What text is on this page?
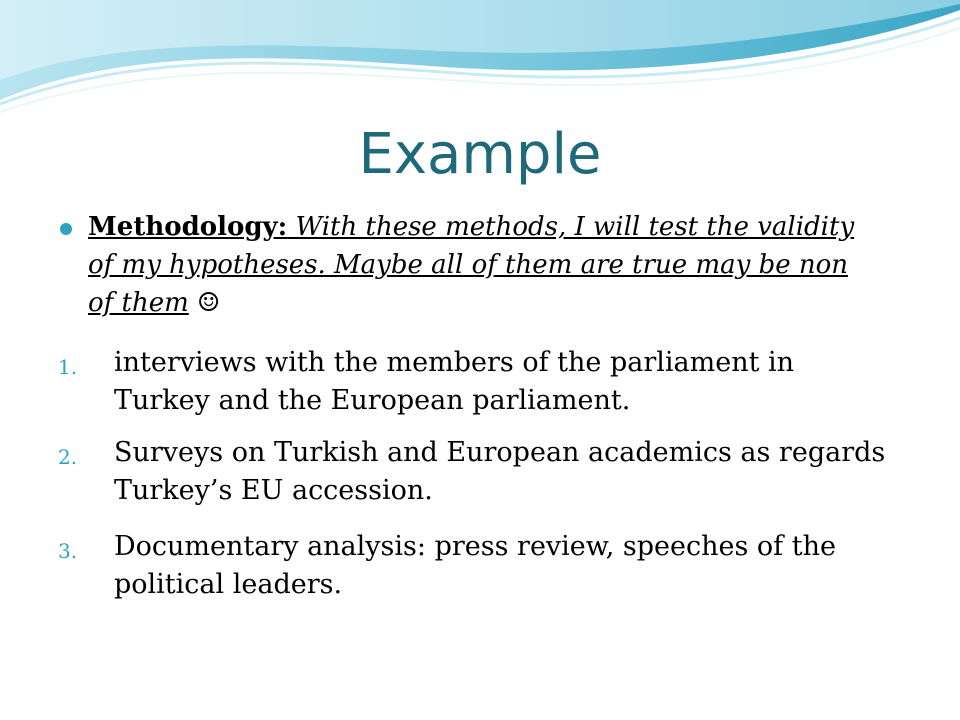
Example
Methodology: With these methods, I will test the validity of my hypotheses. Maybe all of them are true may be non of them ☺
1. interviews with the members of the parliament in Turkey and the European parliament.
2. Surveys on Turkish and European academics as regards Turkey’s EU accession.
3. Documentary analysis: press review, speeches of the political leaders.
